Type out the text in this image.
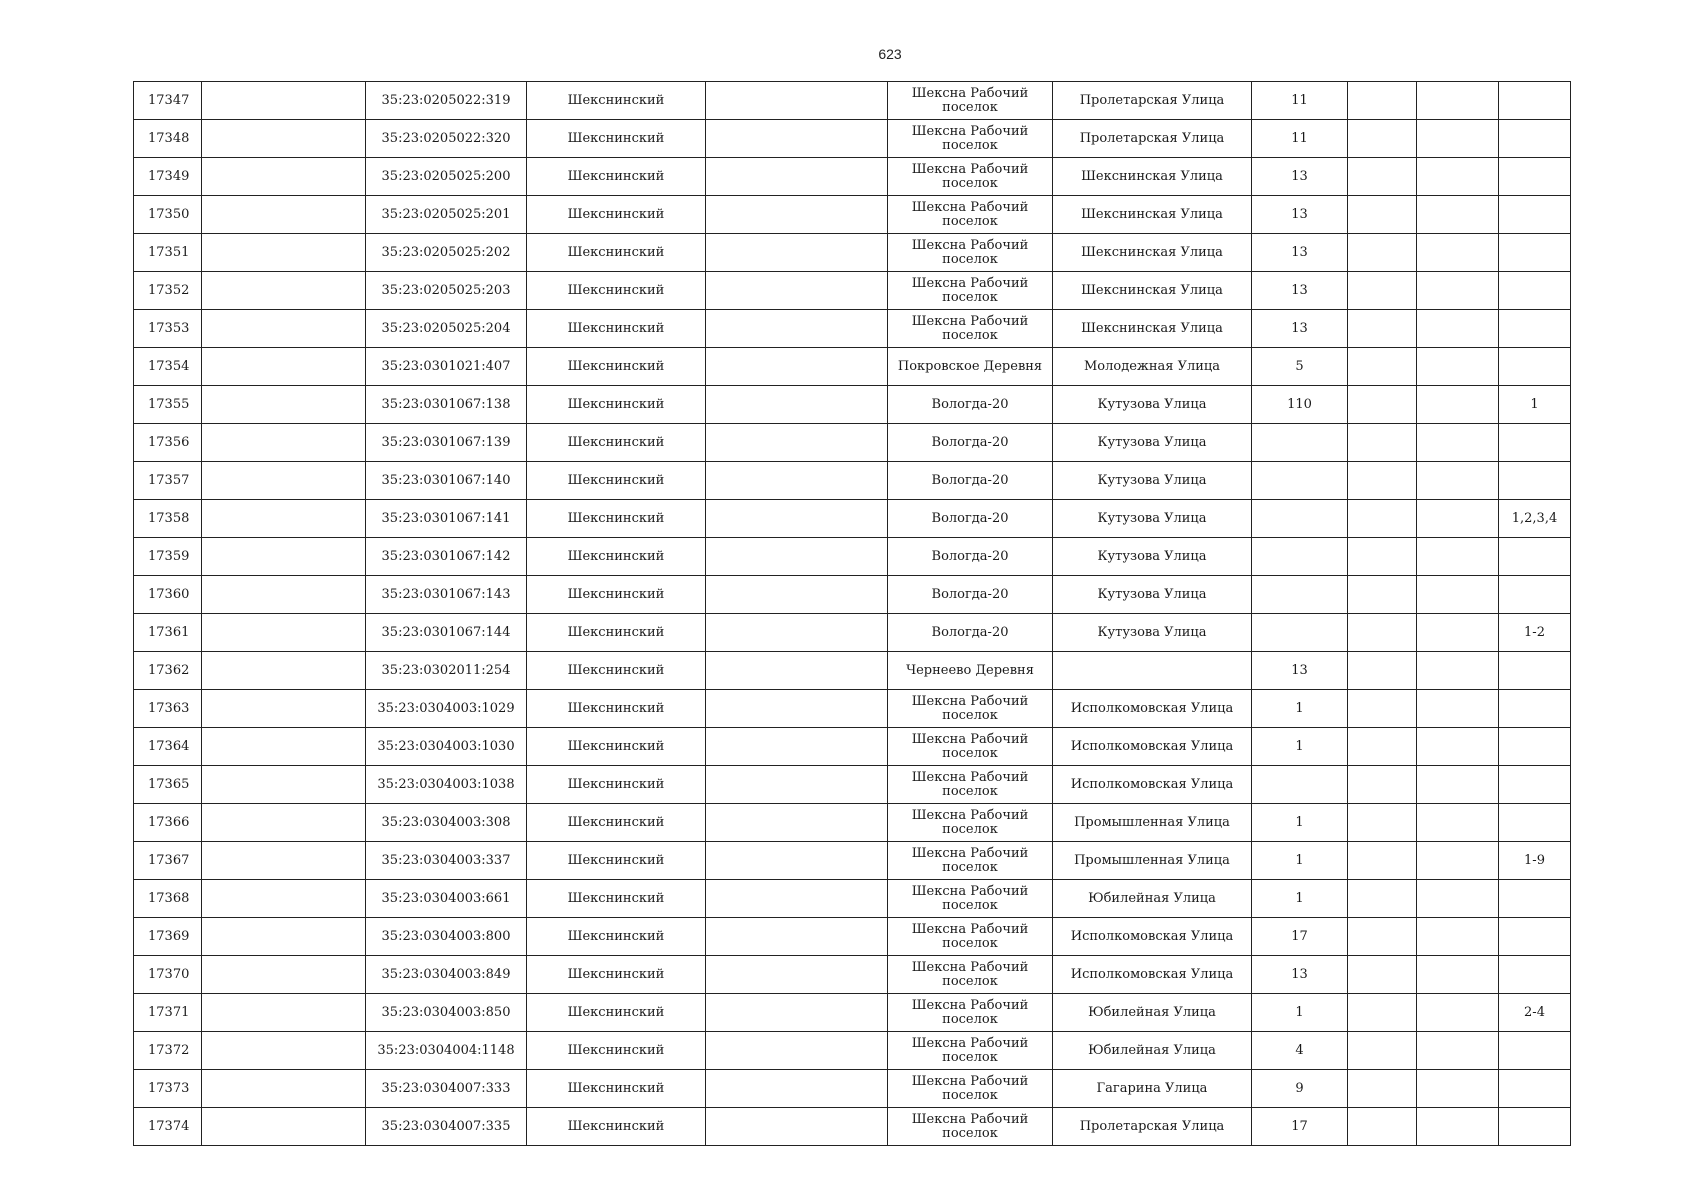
623
17347		35:23:0205022:319	Шекснинский		Шексна Рабочий поселок	Пролетарская Улица	11			
17348		35:23:0205022:320	Шекснинский		Шексна Рабочий поселок	Пролетарская Улица	11			
17349		35:23:0205025:200	Шекснинский		Шексна Рабочий поселок	Шекснинская Улица	13			
17350		35:23:0205025:201	Шекснинский		Шексна Рабочий поселок	Шекснинская Улица	13			
17351		35:23:0205025:202	Шекснинский		Шексна Рабочий поселок	Шекснинская Улица	13			
17352		35:23:0205025:203	Шекснинский		Шексна Рабочий поселок	Шекснинская Улица	13			
17353		35:23:0205025:204	Шекснинский		Шексна Рабочий поселок	Шекснинская Улица	13			
17354		35:23:0301021:407	Шекснинский		Покровское Деревня	Молодежная Улица	5			
17355		35:23:0301067:138	Шекснинский		Вологда-20	Кутузова Улица	110			1
17356		35:23:0301067:139	Шекснинский		Вологда-20	Кутузова Улица				
17357		35:23:0301067:140	Шекснинский		Вологда-20	Кутузова Улица				
17358		35:23:0301067:141	Шекснинский		Вологда-20	Кутузова Улица				1,2,3,4
17359		35:23:0301067:142	Шекснинский		Вологда-20	Кутузова Улица				
17360		35:23:0301067:143	Шекснинский		Вологда-20	Кутузова Улица				
17361		35:23:0301067:144	Шекснинский		Вологда-20	Кутузова Улица				1-2
17362		35:23:0302011:254	Шекснинский		Чернеево Деревня		13			
17363		35:23:0304003:1029	Шекснинский		Шексна Рабочий поселок	Исполкомовская Улица	1			
17364		35:23:0304003:1030	Шекснинский		Шексна Рабочий поселок	Исполкомовская Улица	1			
17365		35:23:0304003:1038	Шекснинский		Шексна Рабочий поселок	Исполкомовская Улица				
17366		35:23:0304003:308	Шекснинский		Шексна Рабочий поселок	Промышленная Улица	1			
17367		35:23:0304003:337	Шекснинский		Шексна Рабочий поселок	Промышленная Улица	1			1-9
17368		35:23:0304003:661	Шекснинский		Шексна Рабочий поселок	Юбилейная Улица	1			
17369		35:23:0304003:800	Шекснинский		Шексна Рабочий поселок	Исполкомовская Улица	17			
17370		35:23:0304003:849	Шекснинский		Шексна Рабочий поселок	Исполкомовская Улица	13			
17371		35:23:0304003:850	Шекснинский		Шексна Рабочий поселок	Юбилейная Улица	1			2-4
17372		35:23:0304004:1148	Шекснинский		Шексна Рабочий поселок	Юбилейная Улица	4			
17373		35:23:0304007:333	Шекснинский		Шексна Рабочий поселок	Гагарина Улица	9			
17374		35:23:0304007:335	Шекснинский		Шексна Рабочий поселок	Пролетарская Улица	17			
